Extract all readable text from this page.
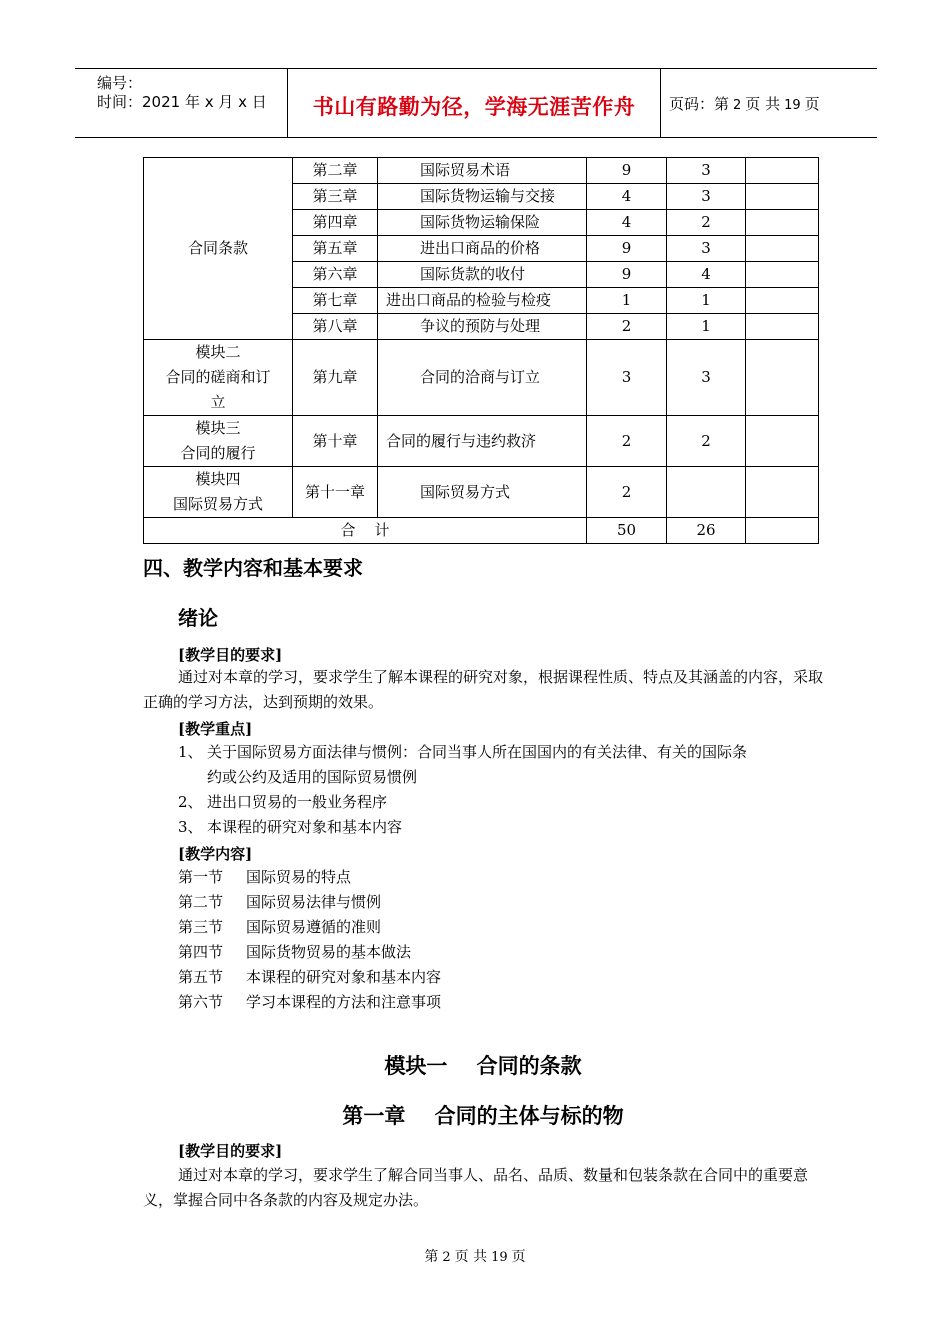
编号：
时间：2021 年 x 月 x 日	书山有路勤为径，学海无涯苦作舟	页码：第 2 页 共 19 页
合同条款	第二章	国际贸易术语	9	3	
	第三章	国际货物运输与交接	4	3	
	第四章	国际货物运输保险	4	2	
	第五章	进出口商品的价格	9	3	
	第六章	国际货款的收付	9	4	
	第七章	进出口商品的检验与检疫	1	1	
	第八章	争议的预防与处理	2	1	

模块二
合同的磋商和订
立	第九章	合同的洽商与订立	3	3	

模块三
合同的履行	第十章	合同的履行与违约救济	2	2	

模块四
国际贸易方式	第十一章	国际贸易方式	2		
合    计			50	26	
四、教学内容和基本要求
绪论
[教学目的要求]
通过对本章的学习，要求学生了解本课程的研究对象，根据课程性质、特点及其涵盖的内容，采取正确的学习方法，达到预期的效果。
[教学重点]
1、 关于国际贸易方面法律与惯例：合同当事人所在国国内的有关法律、有关的国际条
约或公约及适用的国际贸易惯例
2、 进出口贸易的一般业务程序
3、 本课程的研究对象和基本内容
[教学内容]
第一节 国际贸易的特点
第二节 国际贸易法律与惯例
第三节 国际贸易遵循的准则
第四节 国际货物贸易的基本做法
第五节 本课程的研究对象和基本内容
第六节 学习本课程的方法和注意事项
模块一    合同的条款
第一章    合同的主体与标的物
[教学目的要求]
通过对本章的学习，要求学生了解合同当事人、品名、品质、数量和包装条款在合同中的重要意义，掌握合同中各条款的内容及规定办法。
第 2 页 共 19 页
